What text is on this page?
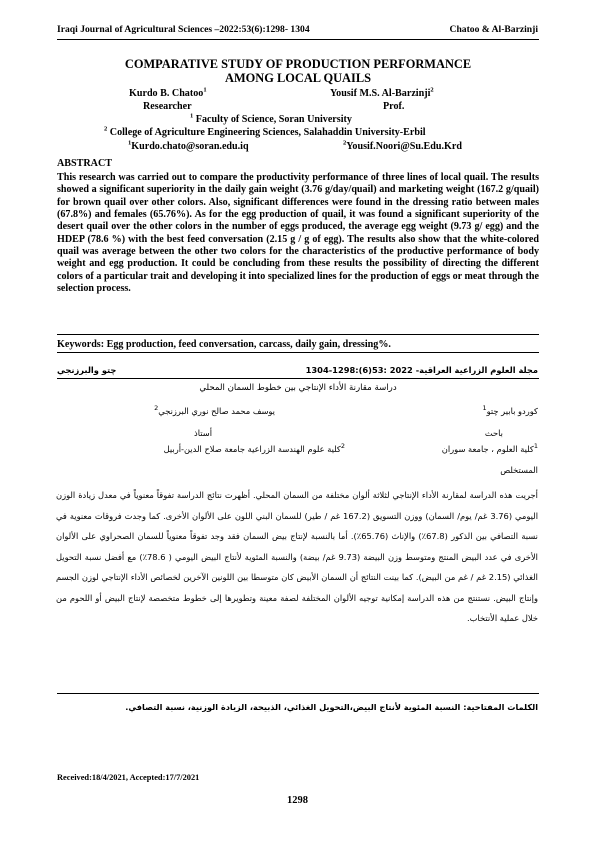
Iraqi Journal of Agricultural Sciences –2022:53(6):1298- 1304	Chatoo & Al-Barzinji
COMPARATIVE STUDY OF PRODUCTION PERFORMANCE
AMONG LOCAL QUAILS
Kurdo B. Chatoo$^1$	Yousif M.S. Al-Barzinji$^2$
Researcher	Prof.
$^1$ Faculty of Science, Soran University
$^2$ College of Agriculture Engineering Sciences, Salahaddin University-Erbil
$^1$Kurdo.chato@soran.edu.iq	$^2$Yousif.Noori@Su.Edu.Krd
ABSTRACT
This research was carried out to compare the productivity performance of three lines of local quail. The results showed a significant superiority in the daily gain weight (3.76 g/day/quail) and marketing weight (167.2 g/quail) for brown quail over other colors. Also, significant differences were found in the dressing ratio between males (67.8%) and females (65.76%). As for the egg production of quail, it was found a significant superiority of the desert quail over the other colors in the number of eggs produced, the average egg weight (9.73 g/ egg) and the HDEP (78.6 %) with the best feed conversation (2.15 g / g of egg). The results also show that the white-colored quail was average between the other two colors for the characteristics of the productive performance of body weight and egg production. It could be concluding from these results the possibility of directing the different colors of a particular trait and developing it into specialized lines for the production of eggs or meat through the selection process.
Keywords: Egg production, feed conversation, carcass, daily gain, dressing%.
مجلة العلوم الزراعية العراقية- 2022 :53(6):1298-1304
چتو والبرزنجي
دراسة مقارنة الأداء الإنتاجي بين خطوط السمان المحلي
كوردو بابير چتو$^1$
يوسف محمد صالح نوري البرزنجي$^2$
باحث
أستاذ
$^1$كلية العلوم ، جامعة سوران
$^2$كلية علوم الهندسة الزراعية جامعة صلاح الدين-أربيل
المستخلص
أجريت هذه الدراسة لمقارنة الأداء الإنتاجي لثلاثة ألوان مختلفة من السمان المحلي. أظهرت نتائج الدراسة تفوقاً معنوياً في معدل زيادة الوزن اليومي (3.76 غم/ يوم/ السمان) ووزن التسويق (167.2 غم / طير) للسمان البني اللون على الألوان الأخرى. كما وجدت فروقات معنوية في نسبة التصافي بين الذكور (67.8٪) والإناث (65.76٪). أما بالنسبة لإنتاج بيض السمان فقد وجد تفوقاً معنوياً للسمان الصحراوي على الألوان الأخرى في عدد البيض المنتج ومتوسط وزن البيضة (9.73 غم/ بيضة) والنسبة المئوية لأنتاج البيض اليومي ( 78.6٪) مع أفضل نسبة التحويل الغذائي (2.15 غم / غم من البيض). كما بينت النتائج أن السمان الأبيض كان متوسطا بين اللونين الآخرين لخصائص الأداء الإنتاجي لوزن الجسم وإنتاج البيض. نستنتج من هذه الدراسة إمكانية توجيه الألوان المختلفة لصفة معينة وتطويرها إلى خطوط متخصصة لإنتاج البيض أو اللحوم من خلال عملية الأنتخاب.
الكلمات المفتاحية: النسبة المئوية لأنتاج البيض،التحويل الغذائي، الذبيحة، الزيادة الوزنية، نسبة التصافي.
Received:18/4/2021, Accepted:17/7/2021
1298
